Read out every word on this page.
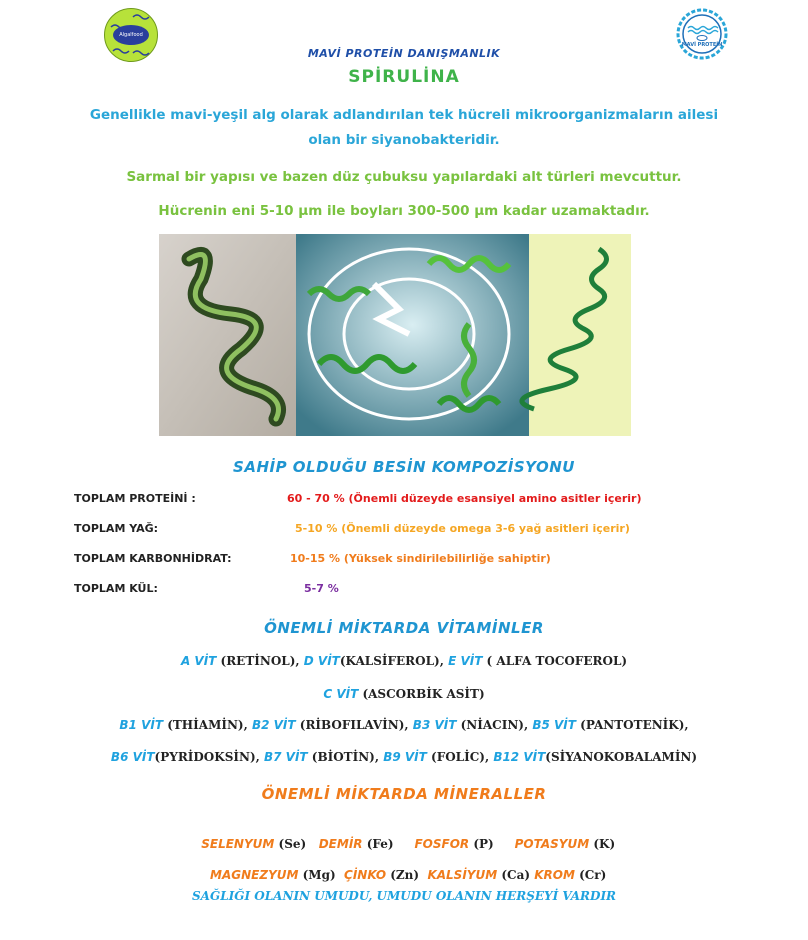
Algalfood
MAVİ PROTEİN
MAVİ PROTEİN DANIŞMANLIK
SPİRULİNA
Genellikle mavi-yeşil alg olarak adlandırılan tek hücreli mikroorganizmaların ailesi
olan bir siyanobakteridir.
Sarmal bir yapısı ve bazen düz çubuksu yapılardaki alt türleri mevcuttur.
Hücrenin eni 5-10 µm ile boyları 300-500 µm kadar uzamaktadır.
SAHİP OLDUĞU BESİN KOMPOZİSYONU
TOPLAM PROTEİNİ :	60 - 70 % (Önemli düzeyde esansiyel amino asitler içerir)
TOPLAM YAĞ:	5-10 % (Önemli düzeyde omega 3-6 yağ asitleri içerir)
TOPLAM KARBONHİDRAT:	10-15 % (Yüksek sindirilebilirliğe sahiptir)
TOPLAM KÜL:	5-7 %
ÖNEMLİ MİKTARDA VİTAMİNLER
A VİT (RETİNOL), D VİT(KALSİFEROL), E VİT ( ALFA TOCOFEROL)
C VİT (ASCORBİK ASİT)
B1 VİT (THİAMİN), B2 VİT (RİBOFILAVİN), B3 VİT (NİACIN), B5 VİT (PANTOTENİK),
B6 VİT(PYRİDOKSİN), B7 VİT (BİOTİN), B9 VİT (FOLİC), B12 VİT(SİYANOKOBALAMİN)
ÖNEMLİ MİKTARDA MİNERALLER

SELENYUM (Se)   DEMİR (Fe)     FOSFOR (P)     POTASYUM (K)

MAGNEZYUM (Mg)  ÇİNKO (Zn)  KALSİYUM (Ca) KROM (Cr)

SAĞLIĞI OLANIN UMUDU, UMUDU OLANIN HERŞEYİ VARDIR
